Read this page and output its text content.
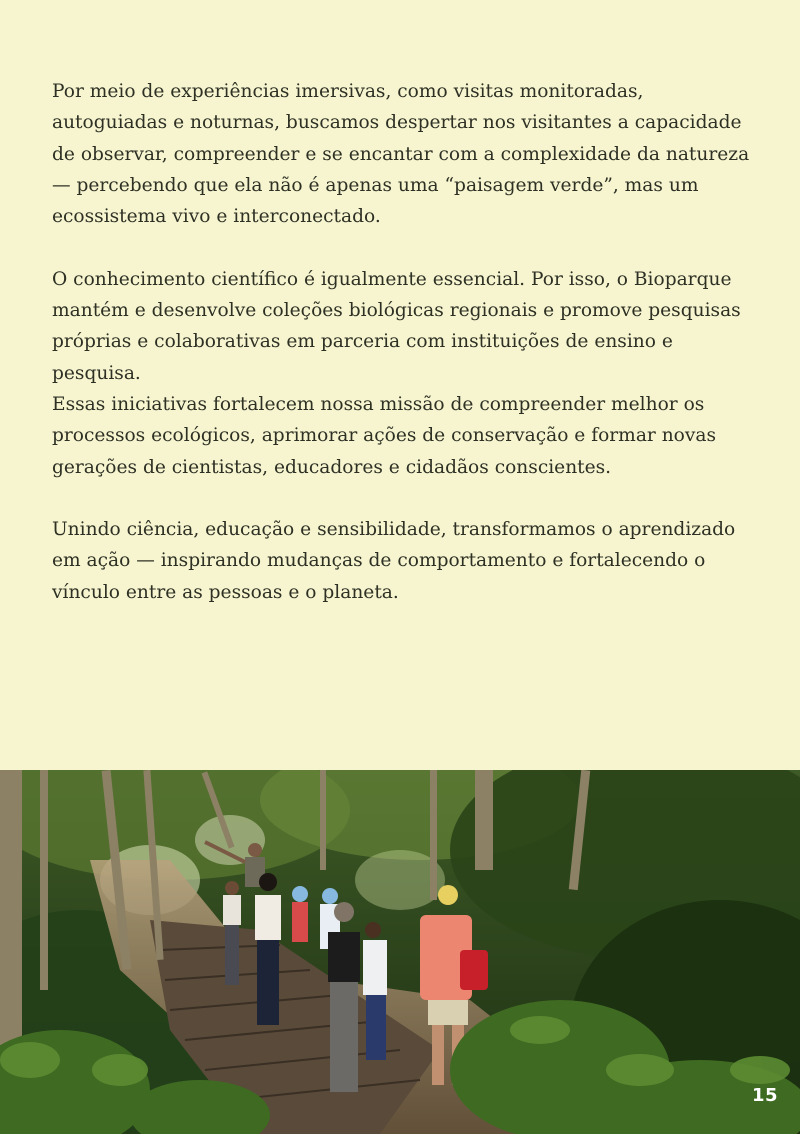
Por meio de experiências imersivas, como visitas monitoradas, autoguiadas e noturnas, buscamos despertar nos visitantes a capacidade de observar, compreender e se encantar com a complexidade da natureza — percebendo que ela não é apenas uma “paisagem verde”, mas um ecossistema vivo e interconectado.

O conhecimento científico é igualmente essencial. Por isso, o Bioparque mantém e desenvolve coleções biológicas regionais e promove pesquisas próprias e colaborativas em parceria com instituições de ensino e pesquisa.

Essas iniciativas fortalecem nossa missão de compreender melhor os processos ecológicos, aprimorar ações de conservação e formar novas gerações de cientistas, educadores e cidadãos conscientes.

Unindo ciência, educação e sensibilidade, transformamos o aprendizado em ação — inspirando mudanças de comportamento e fortalecendo o vínculo entre as pessoas e o planeta.

15
